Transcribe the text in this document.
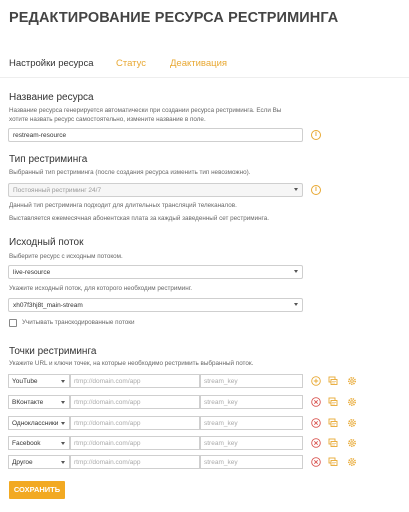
РЕДАКТИРОВАНИЕ РЕСУРСА РЕСТРИМИНГА
Настройки ресурса Статус	Деактивация
Название ресурса
Название ресурса генерируется автоматически при создании ресурса рестриминга. Если Вы
хотите назвать ресурс самостоятельно, измените название в поле.
restream-resource	i
Тип рестриминга
Выбранный тип рестриминга (после создания ресурса изменить тип невозможно).
Постоянный рестриминг 24/7	i
Данный тип рестриминга подходит для длительных трансляций телеканалов.
Выставляется ежемесячная абонентская плата за каждый заведенный сет рестриминга.
Исходный поток
Выберите ресурс с исходным потоком.
live-resource
Укажите исходный поток, для которого необходим рестриминг.
xh07f3hj8t_main-stream
Учитывать транскодированные потоки
Точки рестриминга
Укажите URL и ключи точек, на которые необходимо рестримить выбранный поток.
YouTube	rtmp://domain.com/app	stream_key
ВКонтакте	rtmp://domain.com/app	stream_key
Одноклассники	rtmp://domain.com/app	stream_key
Facebook	rtmp://domain.com/app	stream_key
Другое	rtmp://domain.com/app	stream_key
СОХРАНИТЬ
